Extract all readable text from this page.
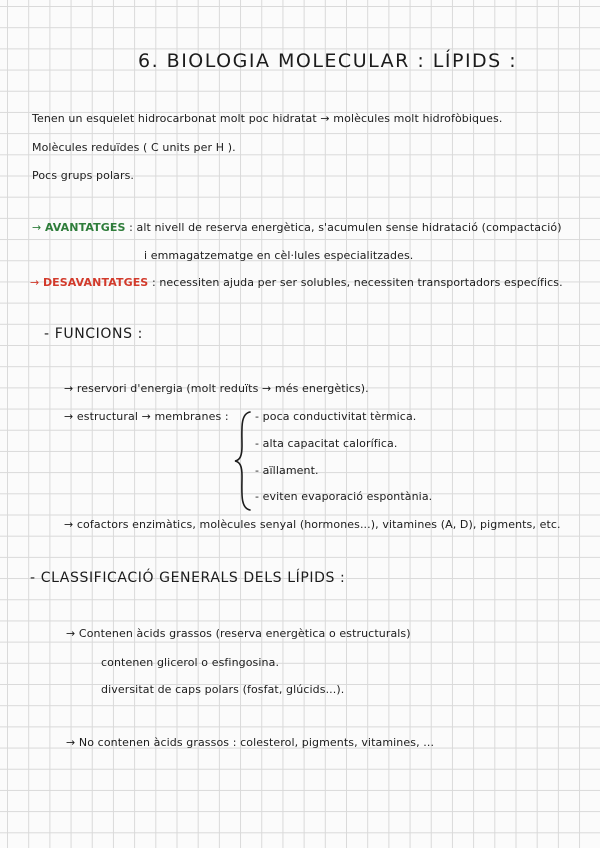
6. BIOLOGIA MOLECULAR : LÍPIDS :
Tenen un esquelet hidrocarbonat molt poc hidratat → molècules molt hidrofòbiques.
Molècules reduïdes ( C units per H ).
Pocs grups polars.
→ AVANTATGES : alt nivell de reserva energètica, s'acumulen sense hidratació (compactació)
i emmagatzematge en cèl·lules especialitzades.
→ DESAVANTATGES : necessiten ajuda per ser solubles, necessiten transportadors específics.
- FUNCIONS :
→ reservori d'energia (molt reduïts → més energètics).
→ estructural → membranes : - poca conductivitat tèrmica.
- alta capacitat calorífica.
- aïllament.
- eviten evaporació espontània.
→ cofactors enzimàtics, molècules senyal (hormones...), vitamines (A, D), pigments, etc.
- CLASSIFICACIÓ GENERALS DELS LÍPIDS :
→ Contenen àcids grassos (reserva energètica o estructurals)
contenen glicerol o esfingosina.
diversitat de caps polars (fosfat, glúcids...).
→ No contenen àcids grassos : colesterol, pigments, vitamines, ...
